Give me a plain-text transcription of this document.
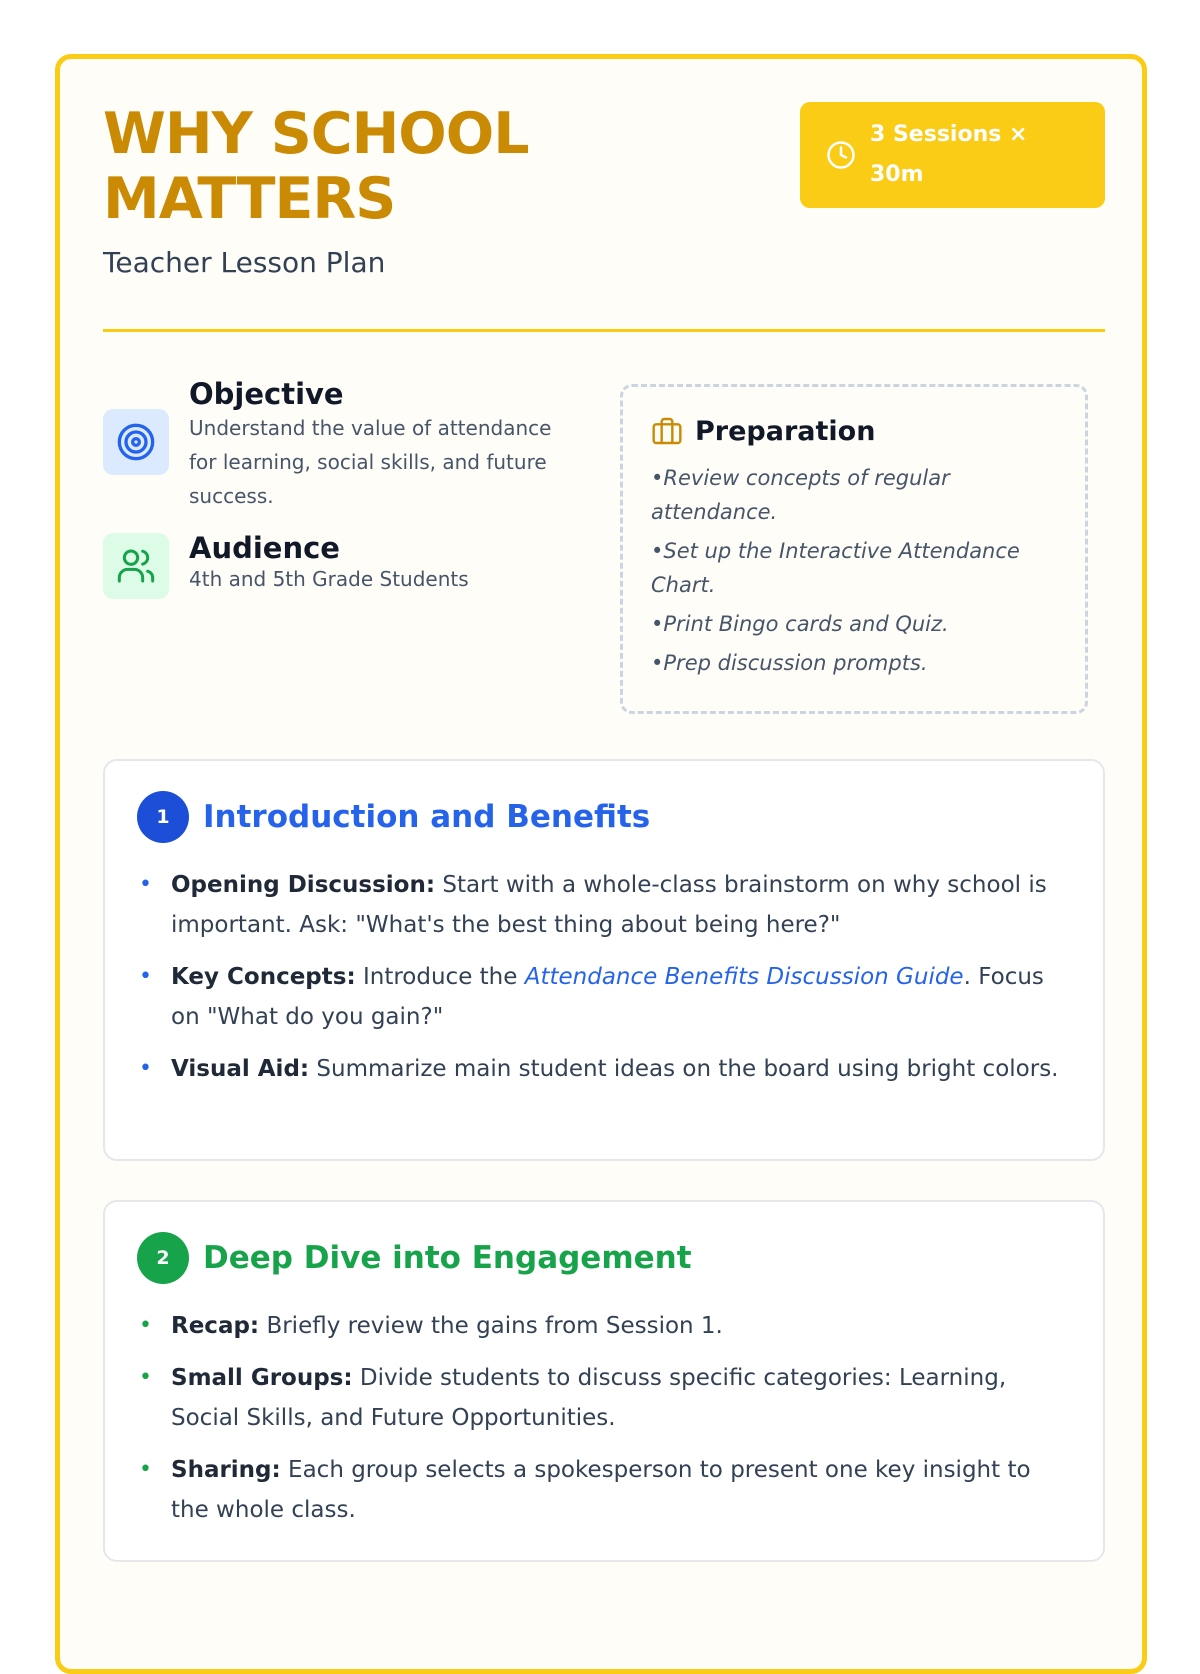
WHY SCHOOL MATTERS
Teacher Lesson Plan
3 Sessions × 30m
Objective
Understand the value of attendance for learning, social skills, and future success.
Audience
4th and 5th Grade Students
Preparation
• Review concepts of regular attendance.
• Set up the Interactive Attendance Chart.
• Print Bingo cards and Quiz.
• Prep discussion prompts.
1	Introduction and Benefits
• Opening Discussion: Start with a whole-class brainstorm on why school is important. Ask: "What's the best thing about being here?"
• Key Concepts: Introduce the Attendance Benefits Discussion Guide. Focus on "What do you gain?"
• Visual Aid: Summarize main student ideas on the board using bright colors.
2	Deep Dive into Engagement
• Recap: Briefly review the gains from Session 1.
• Small Groups: Divide students to discuss specific categories: Learning, Social Skills, and Future Opportunities.
• Sharing: Each group selects a spokesperson to present one key insight to the whole class.
